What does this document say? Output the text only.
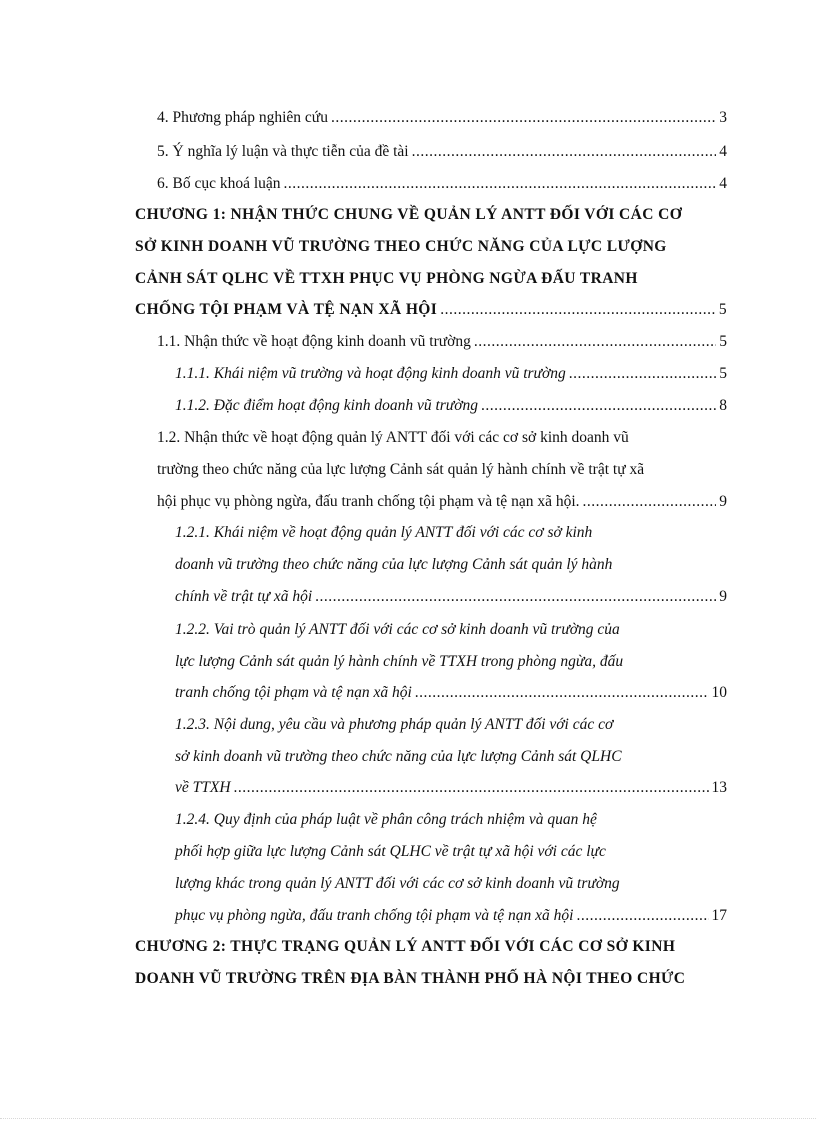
4. Phương pháp nghiên cứu .....	3
5. Ý nghĩa lý luận và thực tiễn của đề tài .....	4
6. Bố cục khoá luận .....	4
CHƯƠNG 1: NHẬN THỨC CHUNG VỀ QUẢN LÝ ANTT ĐỐI VỚI CÁC CƠ
SỞ KINH DOANH VŨ TRƯỜNG THEO CHỨC NĂNG CỦA LỰC LƯỢNG
CẢNH SÁT QLHC VỀ TTXH PHỤC VỤ PHÒNG NGỪA ĐẤU TRANH
CHỐNG TỘI PHẠM VÀ TỆ NẠN XÃ HỘI .....	5
1.1. Nhận thức về hoạt động kinh doanh vũ trường .....	5
1.1.1. Khái niệm vũ trường và hoạt động kinh doanh vũ trường .....	5
1.1.2. Đặc điểm hoạt động kinh doanh vũ trường .....	8
1.2. Nhận thức về hoạt động quản lý ANTT đối với các cơ sở kinh doanh vũ
trường theo chức năng của lực lượng Cảnh sát quản lý hành chính về trật tự xã
hội phục vụ phòng ngừa, đấu tranh chống tội phạm và tệ nạn xã hội. .....	9
1.2.1. Khái niệm về hoạt động quản lý ANTT đối với các cơ sở kinh
doanh vũ trường theo chức năng của lực lượng Cảnh sát quản lý hành
chính về trật tự xã hội .....	9
1.2.2. Vai trò quản lý ANTT đối với các cơ sở kinh doanh vũ trường của
lực lượng Cảnh sát quản lý hành chính về TTXH trong phòng ngừa, đấu
tranh chống tội phạm và tệ nạn xã hội .....	10
1.2.3. Nội dung, yêu cầu và phương pháp quản lý ANTT đối với các cơ
sở kinh doanh vũ trường theo chức năng của lực lượng Cảnh sát QLHC
về TTXH .....	13
1.2.4. Quy định của pháp luật về phân công trách nhiệm và quan hệ
phối hợp giữa lực lượng Cảnh sát QLHC về trật tự xã hội với các lực
lượng khác trong quản lý ANTT đối với các cơ sở kinh doanh vũ trường
phục vụ phòng ngừa, đấu tranh chống tội phạm và tệ nạn xã hội .....	17
CHƯƠNG 2: THỰC TRẠNG QUẢN LÝ ANTT ĐỐI VỚI CÁC CƠ SỞ KINH
DOANH VŨ TRƯỜNG TRÊN ĐỊA BÀN THÀNH PHỐ HÀ NỘI THEO CHỨC
